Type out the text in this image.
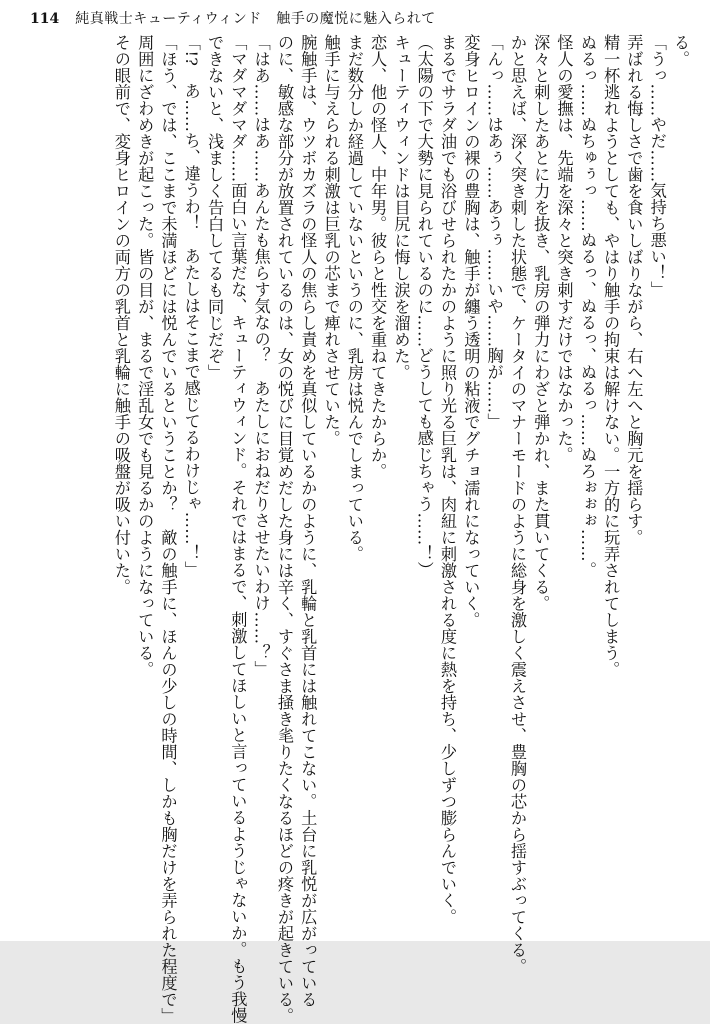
114 純真戦士キューティウィンド　触手の魔悦に魅入られて
る。
「うっ……やだ……気持ち悪い！」
弄ばれる悔しさで歯を食いしばりながら、右へ左へと胸元を揺らす。
精一杯逃れようとしても、やはり触手の拘束は解けない。一方的に玩弄されてしまう。
ぬるっ……ぬちゅぅっ……ぬるっ、ぬるっ、ぬるっ……ぬろぉぉぉ……。
怪人の愛撫は、先端を深々と突き刺すだけではなかった。
深々と刺したあとに力を抜き、乳房の弾力にわざと弾かれ、また貫いてくる。
かと思えば、深く突き刺した状態で、ケータイのマナーモードのように総身を激しく震えさせ、豊胸の芯から揺すぶってくる。
「んっ……はあぅ……あうぅ……いや……胸が……」
変身ヒロインの裸の豊胸は、触手が纏う透明の粘液でグチョ濡れになっていく。
まるでサラダ油でも浴びせられたかのように照り光る巨乳は、肉紐に刺激される度に熱を持ち、少しずつ膨らんでいく。
（太陽の下で大勢に見られているのに……どうしても感じちゃう……！）
キューティウィンドは目尻に悔し涙を溜めた。
恋人、他の怪人、中年男。彼らと性交を重ねてきたからか。
まだ数分しか経過していないというのに、乳房は悦んでしまっている。
触手に与えられる刺激は巨乳の芯まで痺れさせていた。
腕触手は、ウツボカズラの怪人の焦らし責めを真似しているかのように、乳輪と乳首には触れてこない。土台に乳悦が広がっている
のに、敏感な部分が放置されているのは、女の悦びに目覚めだした身には辛く、すぐさま掻き毟りたくなるほどの疼きが起きている。
「はあ……はあ……あんたも焦らす気なの？　あたしにおねだりさせたいわけ……？」
「マダマダマダ……面白い言葉だな、キューティウィンド。それではまるで、刺激してほしいと言っているようじゃないか。もう我慢
できないと、浅ましく告白してるも同じだぞ」
「!?　あ……ち、違うわ！　あたしはそこまで感じてるわけじゃ……！」
「ほう、では、ここまで未満ほどには悦んでいるということか？　敵の触手に、ほんの少しの時間、しかも胸だけを弄られた程度で」
周囲にざわめきが起こった。皆の目が、まるで淫乱女でも見るかのようになっている。
その眼前で、変身ヒロインの両方の乳首と乳輪に触手の吸盤が吸い付いた。
